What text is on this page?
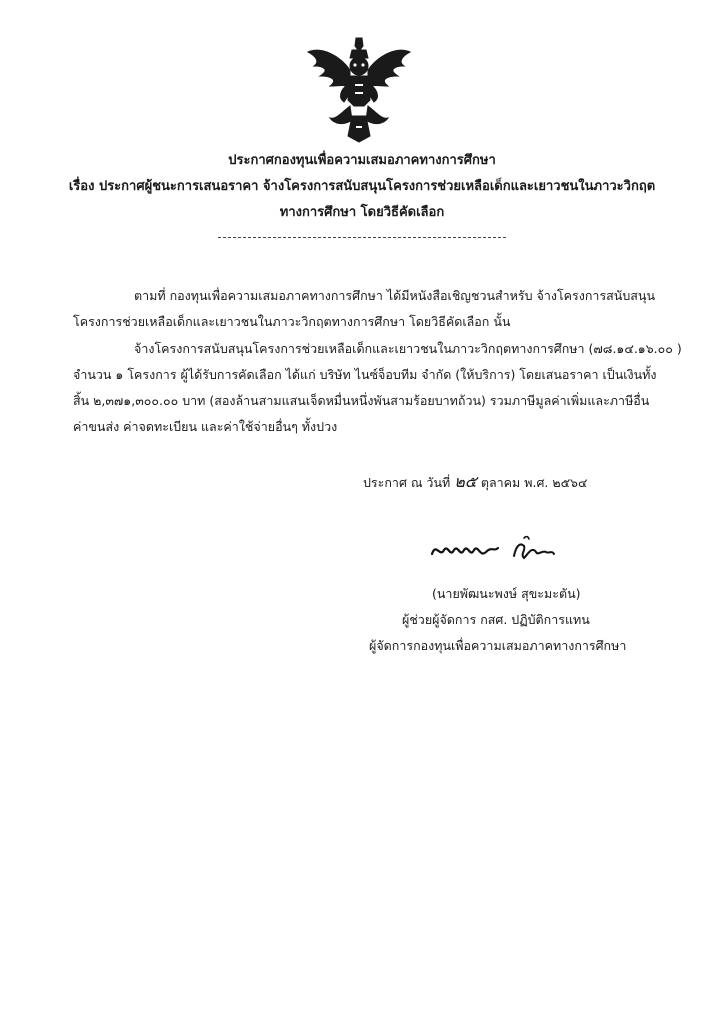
ประกาศกองทุนเพื่อความเสมอภาคทางการศึกษา
เรื่อง ประกาศผู้ชนะการเสนอราคา จ้างโครงการสนับสนุนโครงการช่วยเหลือเด็กและเยาวชนในภาวะวิกฤต
ทางการศึกษา โดยวิธีคัดเลือก
ตามที่ กองทุนเพื่อความเสมอภาคทางการศึกษา ได้มีหนังสือเชิญชวนสำหรับ จ้างโครงการสนับสนุน
โครงการช่วยเหลือเด็กและเยาวชนในภาวะวิกฤตทางการศึกษา โดยวิธีคัดเลือก นั้น
จ้างโครงการสนับสนุนโครงการช่วยเหลือเด็กและเยาวชนในภาวะวิกฤตทางการศึกษา (๗๘.๑๔.๑๖.๐๐ )
จำนวน ๑ โครงการ ผู้ได้รับการคัดเลือก ได้แก่ บริษัท ไนซ์จ็อบทีม จำกัด (ให้บริการ) โดยเสนอราคา เป็นเงินทั้ง
สิ้น ๒,๓๗๑,๓๐๐.๐๐ บาท (สองล้านสามแสนเจ็ดหมื่นหนึ่งพันสามร้อยบาทถ้วน) รวมภาษีมูลค่าเพิ่มและภาษีอื่น
ค่าขนส่ง ค่าจดทะเบียน และค่าใช้จ่ายอื่นๆ ทั้งปวง
ประกาศ ณ วันที่ ๒๕ ตุลาคม พ.ศ. ๒๕๖๔
(นายพัฒนะพงษ์ สุขะมะตัน)
ผู้ช่วยผู้จัดการ กสศ. ปฏิบัติการแทน
ผู้จัดการกองทุนเพื่อความเสมอภาคทางการศึกษา
